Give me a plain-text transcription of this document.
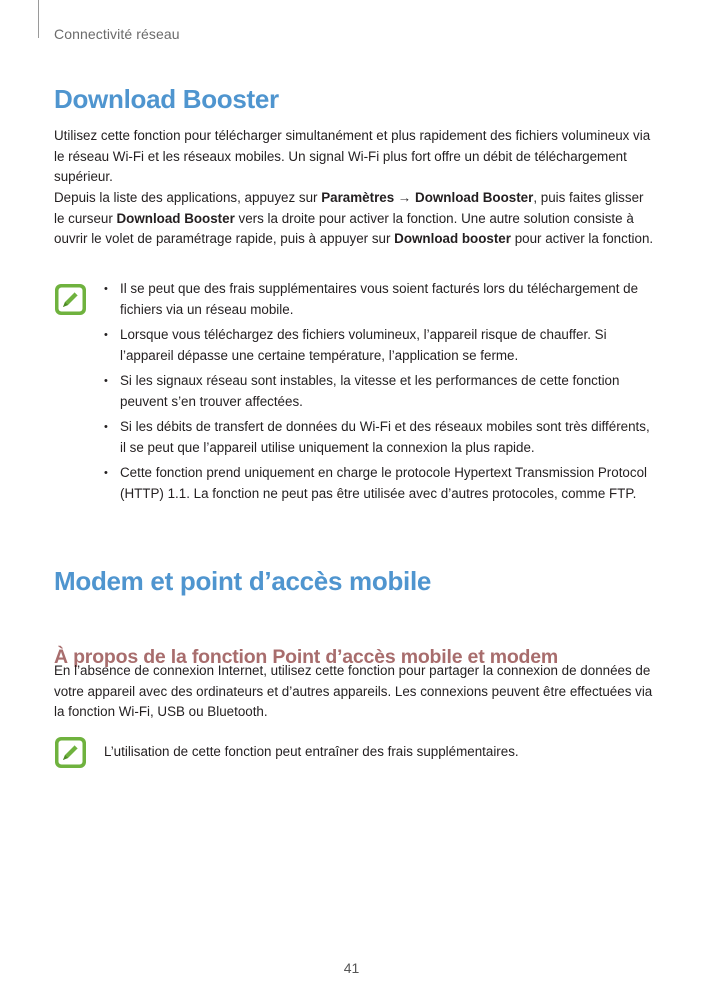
Connectivité réseau
Download Booster

Utilisez cette fonction pour télécharger simultanément et plus rapidement des fichiers volumineux via le réseau Wi-Fi et les réseaux mobiles. Un signal Wi-Fi plus fort offre un débit de téléchargement supérieur.

Depuis la liste des applications, appuyez sur Paramètres → Download Booster, puis faites glisser le curseur Download Booster vers la droite pour activer la fonction. Une autre solution consiste à ouvrir le volet de paramétrage rapide, puis à appuyer sur Download booster pour activer la fonction.

• Il se peut que des frais supplémentaires vous soient facturés lors du téléchargement de fichiers via un réseau mobile.
• Lorsque vous téléchargez des fichiers volumineux, l’appareil risque de chauffer. Si l’appareil dépasse une certaine température, l’application se ferme.
• Si les signaux réseau sont instables, la vitesse et les performances de cette fonction peuvent s’en trouver affectées.
• Si les débits de transfert de données du Wi-Fi et des réseaux mobiles sont très différents, il se peut que l’appareil utilise uniquement la connexion la plus rapide.
• Cette fonction prend uniquement en charge le protocole Hypertext Transmission Protocol (HTTP) 1.1. La fonction ne peut pas être utilisée avec d’autres protocoles, comme FTP.
Modem et point d’accès mobile
À propos de la fonction Point d’accès mobile et modem

En l’absence de connexion Internet, utilisez cette fonction pour partager la connexion de données de votre appareil avec des ordinateurs et d’autres appareils. Les connexions peuvent être effectuées via la fonction Wi-Fi, USB ou Bluetooth.

L’utilisation de cette fonction peut entraîner des frais supplémentaires.
41
